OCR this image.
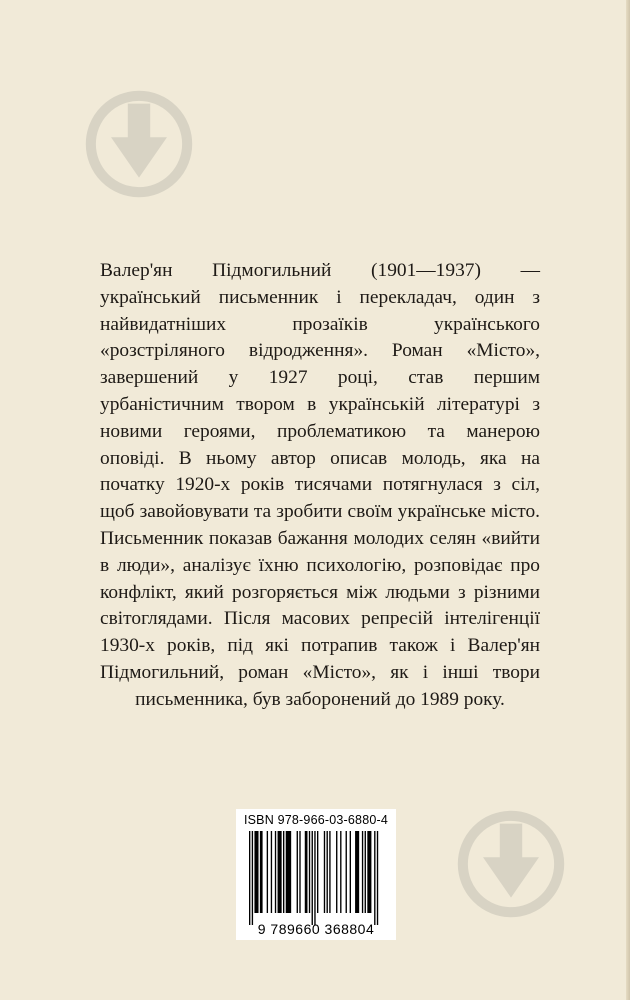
Валер'ян Підмогильний (1901—1937) — український письменник і перекладач, один з найвидатніших прозаїків українського «розстріляного відродження». Роман «Місто», завершений у 1927 році, став першим урбаністичним твором в українській літературі з новими героями, проблематикою та манерою оповіді. В ньому автор описав молодь, яка на початку 1920-х років тисячами потягнулася з сіл, щоб завойовувати та зробити своїм українське місто. Письменник показав бажання молодих селян «вийти в люди», аналізує їхню психологію, розповідає про конфлікт, який розгоряється між людьми з різними світоглядами. Після масових репресій інтелігенції 1930-х років, під які потрапив також і Валер'ян Підмогильний, роман «Місто», як і інші твори письменника, був заборонений до 1989 року.

ISBN 978-966-03-6880-4
9 789660 368804
